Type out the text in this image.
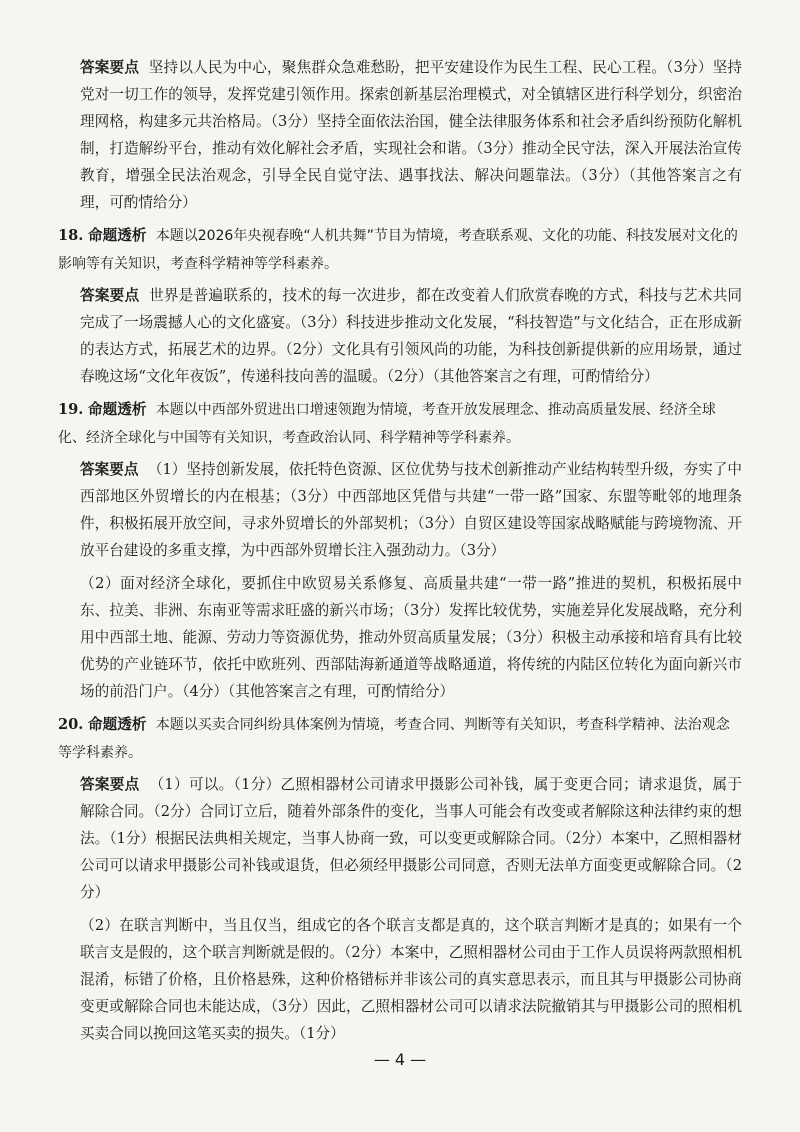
答案要点 坚持以人民为中心，聚焦群众急难愁盼，把平安建设作为民生工程、民心工程。（3分）坚持党对一切工作的领导，发挥党建引领作用。探索创新基层治理模式，对全镇辖区进行科学划分，织密治理网格，构建多元共治格局。（3分）坚持全面依法治国，健全法律服务体系和社会矛盾纠纷预防化解机制，打造解纷平台，推动有效化解社会矛盾，实现社会和谐。（3分）推动全民守法，深入开展法治宣传教育，增强全民法治观念，引导全民自觉守法、遇事找法、解决问题靠法。（3分）（其他答案言之有理，可酌情给分）

18. 命题透析 本题以2026年央视春晚“人机共舞”节目为情境，考查联系观、文化的功能、科技发展对文化的影响等有关知识，考查科学精神等学科素养。

答案要点 世界是普遍联系的，技术的每一次进步，都在改变着人们欣赏春晚的方式，科技与艺术共同完成了一场震撼人心的文化盛宴。（3分）科技进步推动文化发展，“科技智造”与文化结合，正在形成新的表达方式，拓展艺术的边界。（2分）文化具有引领风尚的功能，为科技创新提供新的应用场景，通过春晚这场“文化年夜饭”，传递科技向善的温暖。（2分）（其他答案言之有理，可酌情给分）

19. 命题透析 本题以中西部外贸进出口增速领跑为情境，考查开放发展理念、推动高质量发展、经济全球化、经济全球化与中国等有关知识，考查政治认同、科学精神等学科素养。

答案要点 （1）坚持创新发展，依托特色资源、区位优势与技术创新推动产业结构转型升级，夯实了中西部地区外贸增长的内在根基；（3分）中西部地区凭借与共建“一带一路”国家、东盟等毗邻的地理条件，积极拓展开放空间，寻求外贸增长的外部契机；（3分）自贸区建设等国家战略赋能与跨境物流、开放平台建设的多重支撑，为中西部外贸增长注入强劲动力。（3分）

（2）面对经济全球化，要抓住中欧贸易关系修复、高质量共建“一带一路”推进的契机，积极拓展中东、拉美、非洲、东南亚等需求旺盛的新兴市场；（3分）发挥比较优势，实施差异化发展战略，充分利用中西部土地、能源、劳动力等资源优势，推动外贸高质量发展；（3分）积极主动承接和培育具有比较优势的产业链环节，依托中欧班列、西部陆海新通道等战略通道，将传统的内陆区位转化为面向新兴市场的前沿门户。（4分）（其他答案言之有理，可酌情给分）

20. 命题透析 本题以买卖合同纠纷具体案例为情境，考查合同、判断等有关知识，考查科学精神、法治观念等学科素养。

答案要点 （1）可以。（1分）乙照相器材公司请求甲摄影公司补钱，属于变更合同；请求退货，属于解除合同。（2分）合同订立后，随着外部条件的变化，当事人可能会有改变或者解除这种法律约束的想法。（1分）根据民法典相关规定，当事人协商一致，可以变更或解除合同。（2分）本案中，乙照相器材公司可以请求甲摄影公司补钱或退货，但必须经甲摄影公司同意，否则无法单方面变更或解除合同。（2分）

（2）在联言判断中，当且仅当，组成它的各个联言支都是真的，这个联言判断才是真的；如果有一个联言支是假的，这个联言判断就是假的。（2分）本案中，乙照相器材公司由于工作人员误将两款照相机混淆，标错了价格，且价格悬殊，这种价格错标并非该公司的真实意思表示，而且其与甲摄影公司协商变更或解除合同也未能达成，（3分）因此，乙照相器材公司可以请求法院撤销其与甲摄影公司的照相机买卖合同以挽回这笔买卖的损失。（1分）

— 4 —
